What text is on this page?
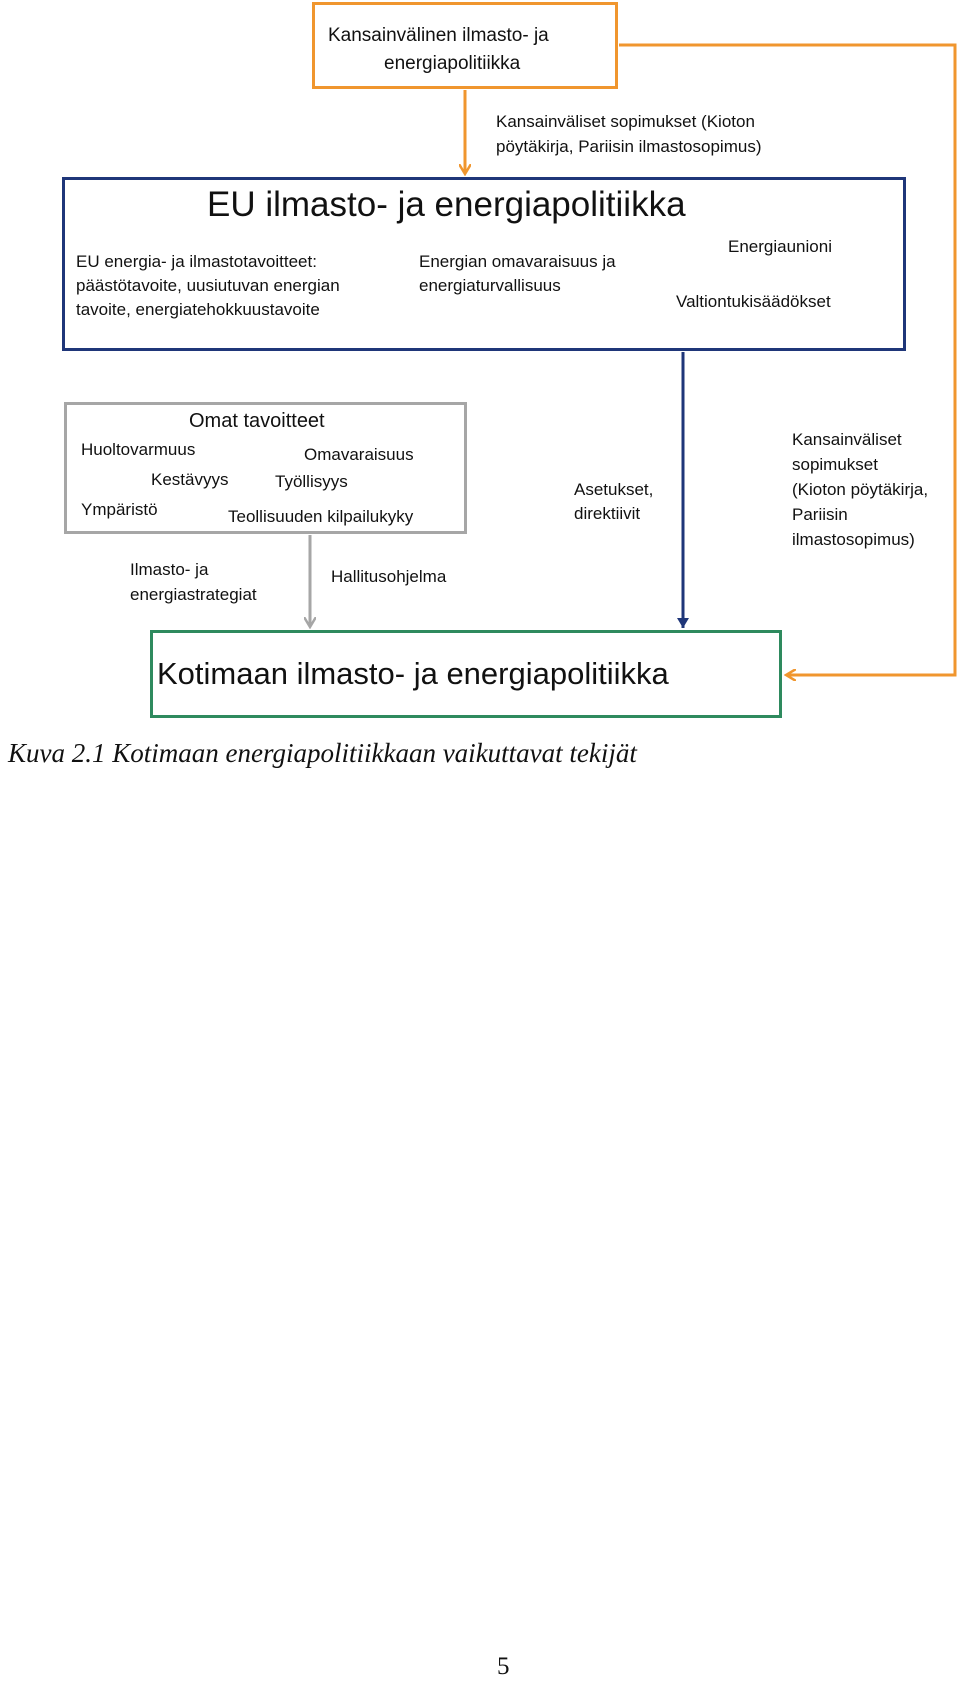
Kansainvälinen ilmasto- ja
energiapolitiikka
Kansainväliset sopimukset (Kioton
pöytäkirja, Pariisin ilmastosopimus)
EU ilmasto- ja energiapolitiikka
EU energia- ja ilmastotavoitteet:
päästötavoite, uusiutuvan energian
tavoite, energiatehokkuustavoite
Energian omavaraisuus ja
energiaturvallisuus
Energiaunioni
Valtiontukisäädökset
Omat tavoitteet
Huoltovarmuus	Omavaraisuus
Kestävyys	Työllisyys
Ympäristö	Teollisuuden kilpailukyky
Asetukset,
direktiivit
Kansainväliset
sopimukset
(Kioton pöytäkirja,
Pariisin
ilmastosopimus)
Ilmasto- ja
energiastrategiat
Hallitusohjelma
Kotimaan ilmasto- ja energiapolitiikka
Kuva 2.1 Kotimaan energiapolitiikkaan vaikuttavat tekijät
5
